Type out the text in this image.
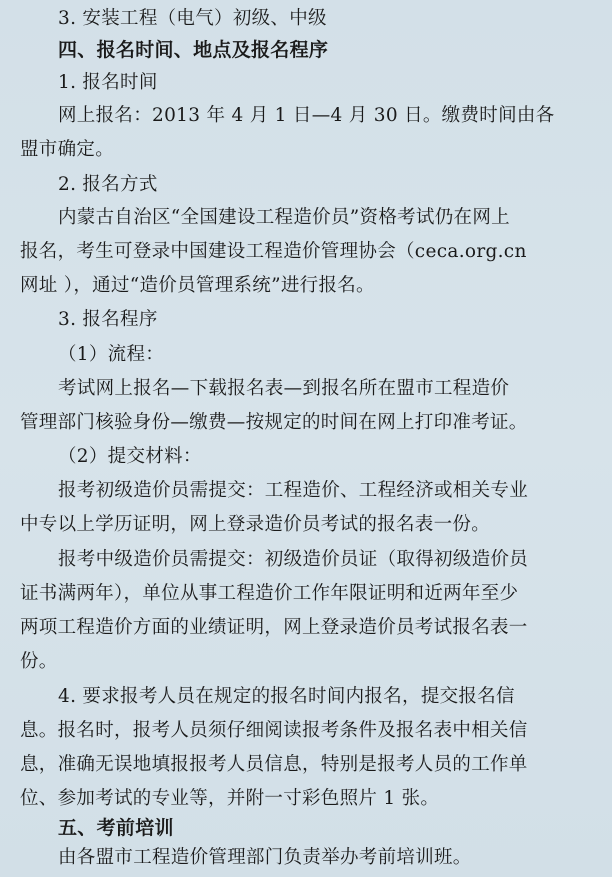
3. 安装工程（电气）初级、中级
四、报名时间、地点及报名程序
1. 报名时间
网上报名：2013 年 4 月 1 日—4 月 30 日。缴费时间由各
盟市确定。
2. 报名方式
内蒙古自治区“全国建设工程造价员”资格考试仍在网上
报名，考生可登录中国建设工程造价管理协会（ceca.org.cn
网址 ），通过“造价员管理系统”进行报名。
3. 报名程序
（1）流程：
考试网上报名—下载报名表—到报名所在盟市工程造价
管理部门核验身份—缴费—按规定的时间在网上打印准考证。
（2）提交材料：
报考初级造价员需提交：工程造价、工程经济或相关专业
中专以上学历证明，网上登录造价员考试的报名表一份。
报考中级造价员需提交：初级造价员证（取得初级造价员
证书满两年），单位从事工程造价工作年限证明和近两年至少
两项工程造价方面的业绩证明，网上登录造价员考试报名表一
份。
4. 要求报考人员在规定的报名时间内报名，提交报名信
息。报名时，报考人员须仔细阅读报考条件及报名表中相关信
息，准确无误地填报报考人员信息，特别是报考人员的工作单
位、参加考试的专业等，并附一寸彩色照片 1 张。
五、考前培训
由各盟市工程造价管理部门负责举办考前培训班。
